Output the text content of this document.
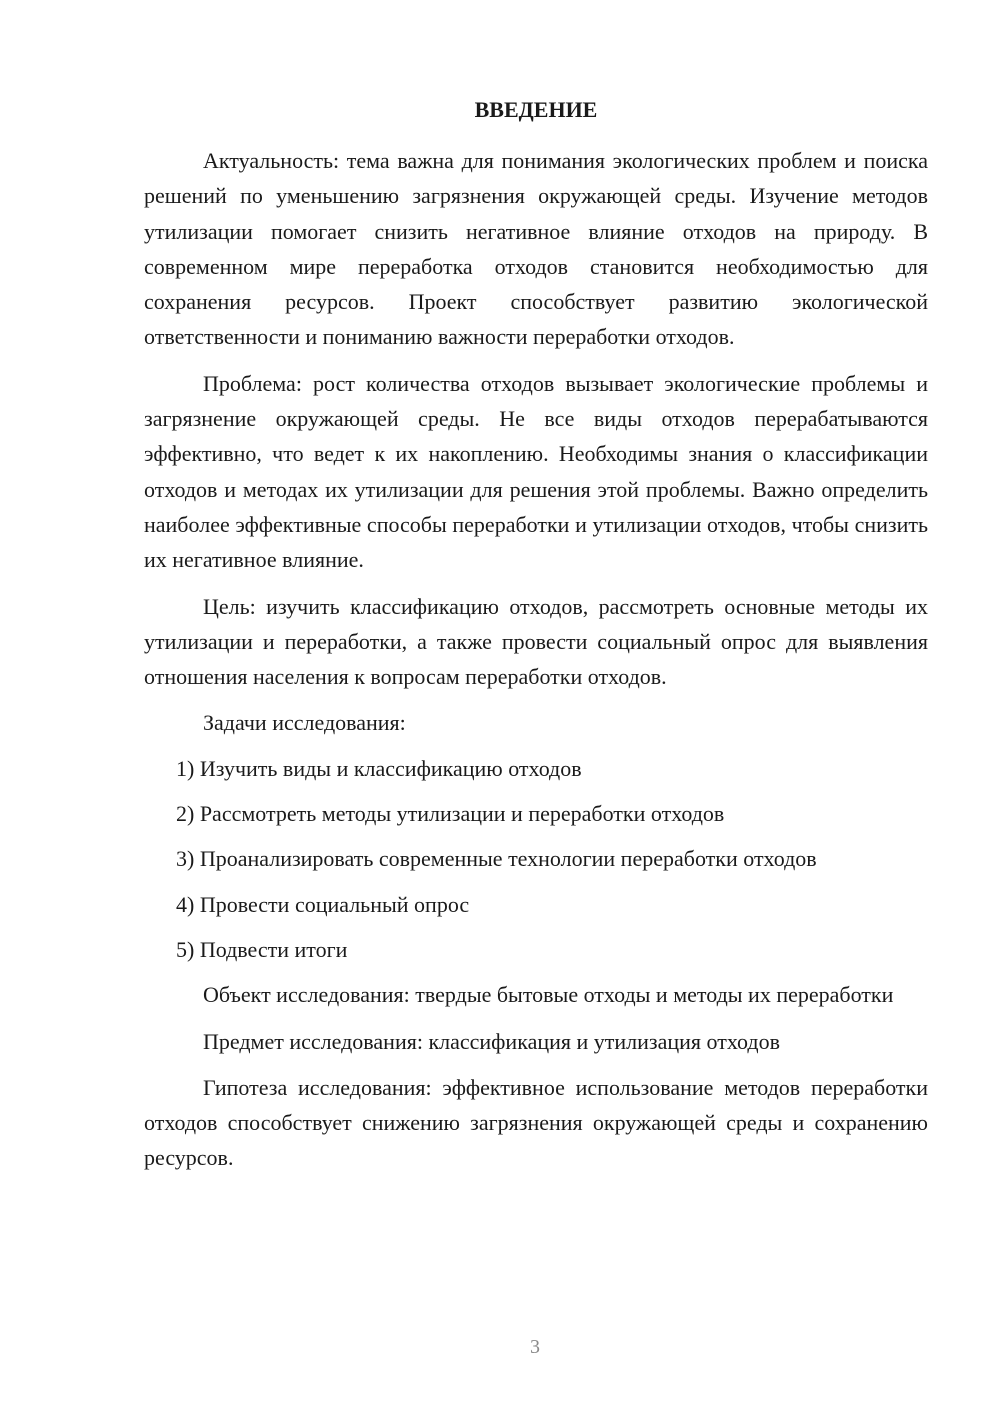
ВВЕДЕНИЕ

Актуальность: тема важна для понимания экологических проблем и поиска решений по уменьшению загрязнения окружающей среды. Изучение методов утилизации помогает снизить негативное влияние отходов на природу. В современном мире переработка отходов становится необходимостью для сохранения ресурсов. Проект способствует развитию экологической ответственности и пониманию важности переработки отходов.

Проблема: рост количества отходов вызывает экологические проблемы и загрязнение окружающей среды. Не все виды отходов перерабатываются эффективно, что ведет к их накоплению. Необходимы знания о классификации отходов и методах их утилизации для решения этой проблемы. Важно определить наиболее эффективные способы переработки и утилизации отходов, чтобы снизить их негативное влияние.

Цель: изучить классификацию отходов, рассмотреть основные методы их утилизации и переработки, а также провести социальный опрос для выявления отношения населения к вопросам переработки отходов.

Задачи исследования:

1) Изучить виды и классификацию отходов
2) Рассмотреть методы утилизации и переработки отходов
3) Проанализировать современные технологии переработки отходов
4) Провести социальный опрос
5) Подвести итоги

Объект исследования: твердые бытовые отходы и методы их переработки

Предмет исследования: классификация и утилизация отходов

Гипотеза исследования: эффективное использование методов переработки отходов способствует снижению загрязнения окружающей среды и сохранению ресурсов.

3
